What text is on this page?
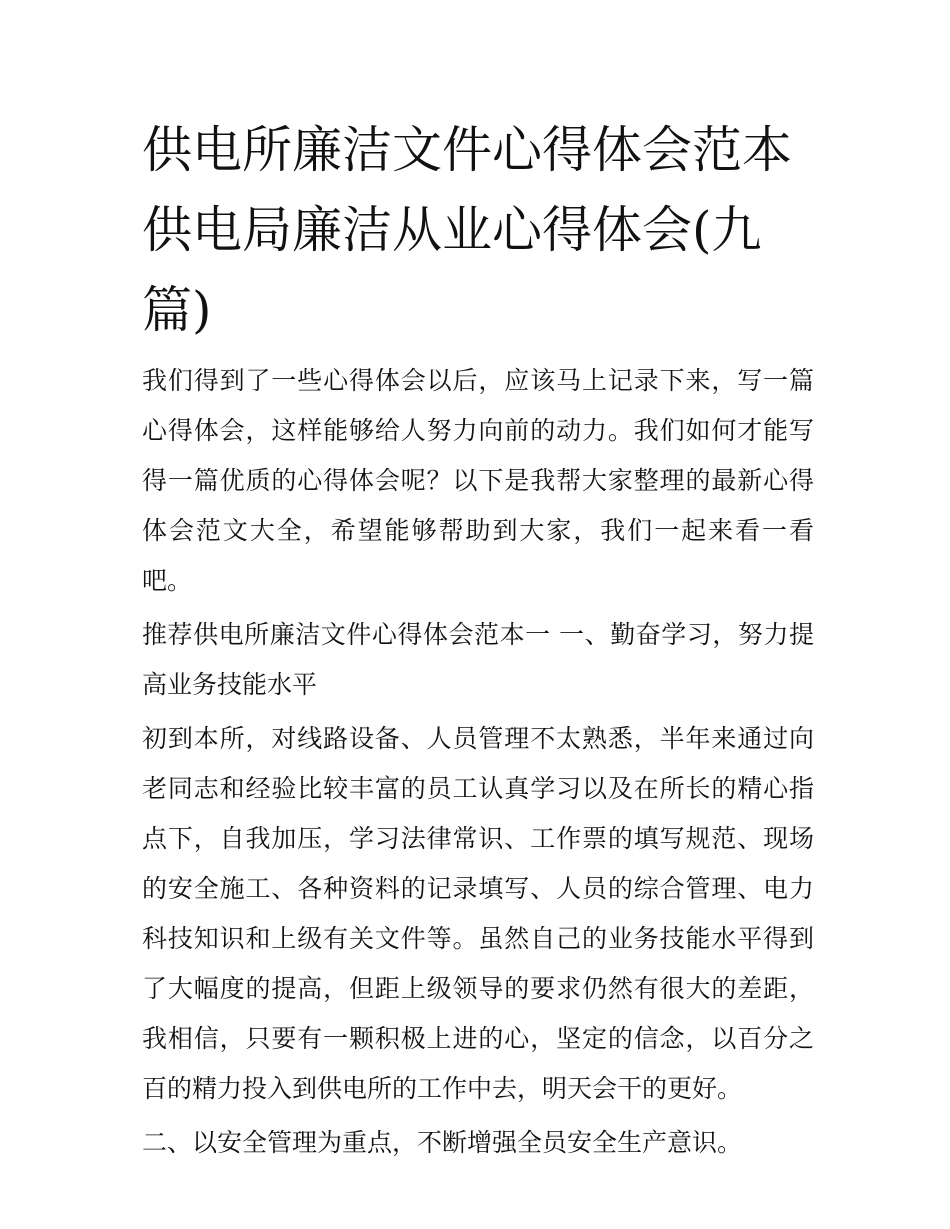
供电所廉洁文件心得体会范本
供电局廉洁从业心得体会(九
篇)

我们得到了一些心得体会以后，应该马上记录下来，写一篇心得体会，这样能够给人努力向前的动力。我们如何才能写得一篇优质的心得体会呢？以下是我帮大家整理的最新心得体会范文大全，希望能够帮助到大家，我们一起来看一看吧。

推荐供电所廉洁文件心得体会范本一 一、勤奋学习，努力提高业务技能水平

初到本所，对线路设备、人员管理不太熟悉，半年来通过向老同志和经验比较丰富的员工认真学习以及在所长的精心指点下，自我加压，学习法律常识、工作票的填写规范、现场的安全施工、各种资料的记录填写、人员的综合管理、电力科技知识和上级有关文件等。虽然自己的业务技能水平得到了大幅度的提高，但距上级领导的要求仍然有很大的差距，我相信，只要有一颗积极上进的心，坚定的信念，以百分之百的精力投入到供电所的工作中去，明天会干的更好。

二、以安全管理为重点，不断增强全员安全生产意识。
